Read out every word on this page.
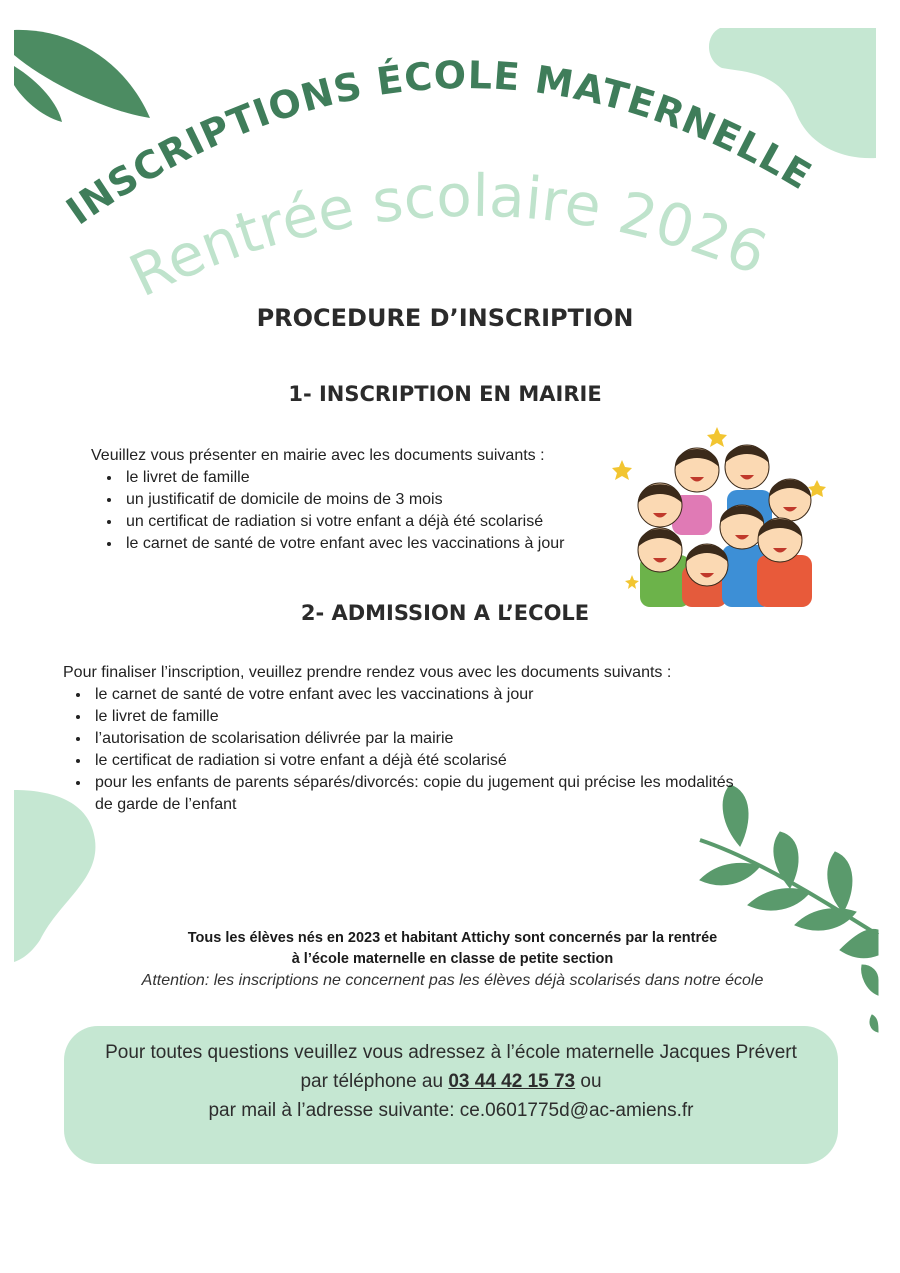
INSCRIPTIONS ÉCOLE MATERNELLE
Rentrée scolaire 2026
PROCEDURE D’INSCRIPTION
1- INSCRIPTION EN MAIRIE

Veuillez vous présenter en mairie avec les documents suivants :

• le livret de famille
• un justificatif de domicile de moins de 3 mois
• un certificat de radiation si votre enfant a déjà été scolarisé
• le carnet de santé de votre enfant avec les vaccinations à jour
2- ADMISSION A L’ECOLE

Pour finaliser l’inscription, veuillez prendre rendez vous avec les documents suivants :

• le carnet de santé de votre enfant avec les vaccinations à jour
• le livret de famille
• l’autorisation de scolarisation délivrée par la mairie
• le certificat de radiation si votre enfant a déjà été scolarisé
• pour les enfants de parents séparés/divorcés: copie du jugement qui précise les modalités de garde de l’enfant
Tous les élèves nés en 2023 et habitant Attichy sont concernés par la rentrée
à l’école maternelle en classe de petite section
Attention: les inscriptions ne concernent pas les élèves déjà scolarisés dans notre école
Pour toutes questions veuillez vous adressez à l’école maternelle Jacques Prévert
par téléphone au 03 44 42 15 73 ou
par mail à l’adresse suivante: ce.0601775d@ac-amiens.fr
